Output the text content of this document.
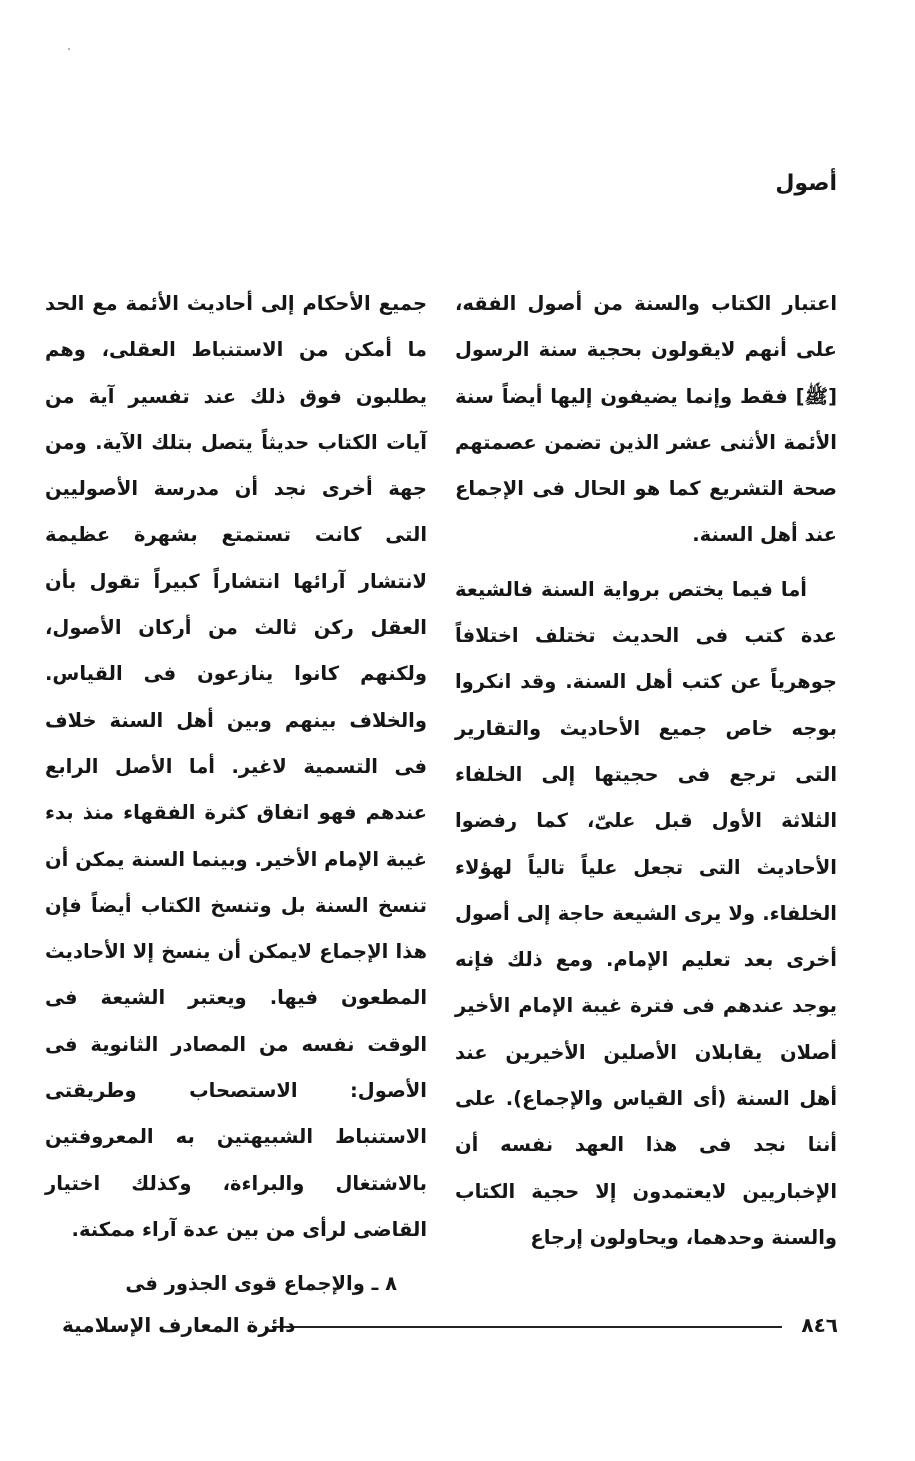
أصول

اعتبار الكتاب والسنة من أصول الفقه، على أنهم لايقولون بحجية سنة الرسول [ﷺ] فقط وإنما يضيفون إليها أيضاً سنة الأئمة الأثنى عشر الذين تضمن عصمتهم صحة التشريع كما هو الحال فى الإجماع عند أهل السنة.

أما فيما يختص برواية السنة فالشيعة عدة كتب فى الحديث تختلف اختلافاً جوهرياً عن كتب أهل السنة. وقد انكروا بوجه خاص جميع الأحاديث والتقارير التى ترجع فى حجيتها إلى الخلفاء الثلاثة الأول قبل علىّ، كما رفضوا الأحاديث التى تجعل علياً تالياً لهؤلاء الخلفاء. ولا يرى الشيعة حاجة إلى أصول أخرى بعد تعليم الإمام. ومع ذلك فإنه يوجد عندهم فى فترة غيبة الإمام الأخير أصلان يقابلان الأصلين الأخيرين عند أهل السنة (أى القياس والإجماع). على أننا نجد فى هذا العهد نفسه أن الإخباريين لايعتمدون إلا حجية الكتاب والسنة وحدهما، ويحاولون إرجاع

جميع الأحكام إلى أحاديث الأئمة مع الحد ما أمكن من الاستنباط العقلى، وهم يطلبون فوق ذلك عند تفسير آية من آيات الكتاب حديثاً يتصل بتلك الآية. ومن جهة أخرى نجد أن مدرسة الأصوليين التى كانت تستمتع بشهرة عظيمة لانتشار آرائها انتشاراً كبيراً تقول بأن العقل ركن ثالث من أركان الأصول، ولكنهم كانوا ينازعون فى القياس. والخلاف بينهم وبين أهل السنة خلاف فى التسمية لاغير. أما الأصل الرابع عندهم فهو اتفاق كثرة الفقهاء منذ بدء غيبة الإمام الأخير. وبينما السنة يمكن أن تنسخ السنة بل وتنسخ الكتاب أيضاً فإن هذا الإجماع لايمكن أن ينسخ إلا الأحاديث المطعون فيها. ويعتبر الشيعة فى الوقت نفسه من المصادر الثانوية فى الأصول: الاستصحاب وطريقتى الاستنباط الشبيهتين به المعروفتين بالاشتغال والبراءة، وكذلك اختيار القاضى لرأى من بين عدة آراء ممكنة.

٨ ـ والإجماع قوى الجذور فى

٨٤٦
دائرة المعارف الإسلامية
